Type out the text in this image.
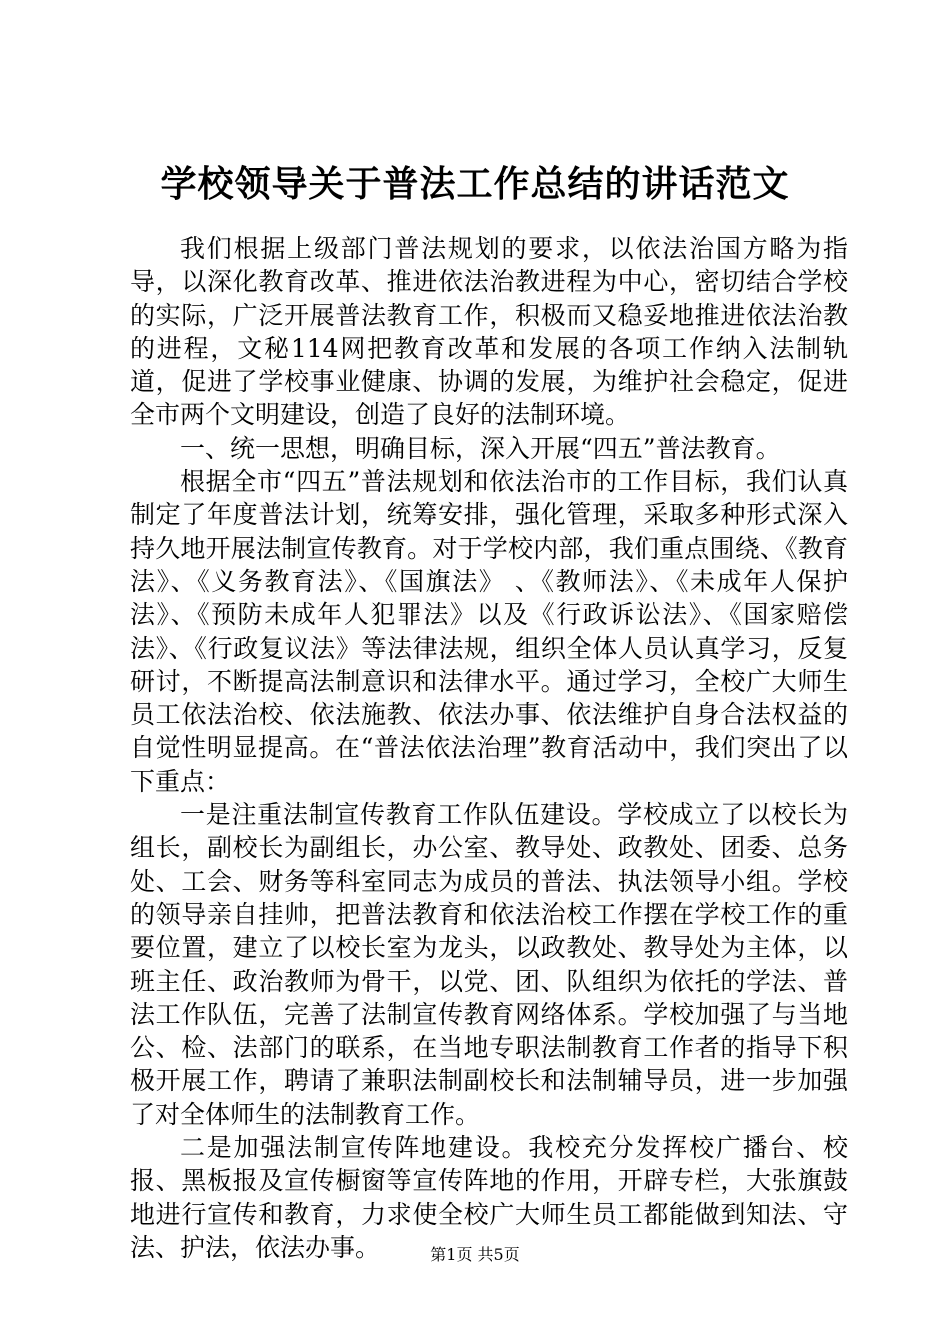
学校领导关于普法工作总结的讲话范文

我们根据上级部门普法规划的要求，以依法治国方略为指导，以深化教育改革、推进依法治教进程为中心，密切结合学校的实际，广泛开展普法教育工作，积极而又稳妥地推进依法治教的进程，文秘114网把教育改革和发展的各项工作纳入法制轨道，促进了学校事业健康、协调的发展，为维护社会稳定，促进全市两个文明建设，创造了良好的法制环境。

一、统一思想，明确目标，深入开展“四五”普法教育。

根据全市“四五”普法规划和依法治市的工作目标，我们认真制定了年度普法计划，统筹安排，强化管理，采取多种形式深入持久地开展法制宣传教育。对于学校内部，我们重点围绕、《教育法》、《义务教育法》、《国旗法》 、《教师法》、《未成年人保护法》、《预防未成年人犯罪法》以及《行政诉讼法》、《国家赔偿法》、《行政复议法》等法律法规，组织全体人员认真学习，反复研讨，不断提高法制意识和法律水平。通过学习，全校广大师生员工依法治校、依法施教、依法办事、依法维护自身合法权益的自觉性明显提高。在“普法依法治理”教育活动中，我们突出了以下重点：

一是注重法制宣传教育工作队伍建设。学校成立了以校长为组长，副校长为副组长，办公室、教导处、政教处、团委、总务处、工会、财务等科室同志为成员的普法、执法领导小组。学校的领导亲自挂帅，把普法教育和依法治校工作摆在学校工作的重要位置，建立了以校长室为龙头，以政教处、教导处为主体，以班主任、政治教师为骨干，以党、团、队组织为依托的学法、普法工作队伍，完善了法制宣传教育网络体系。学校加强了与当地公、检、法部门的联系，在当地专职法制教育工作者的指导下积极开展工作，聘请了兼职法制副校长和法制辅导员，进一步加强了对全体师生的法制教育工作。

二是加强法制宣传阵地建设。我校充分发挥校广播台、校报、黑板报及宣传橱窗等宣传阵地的作用，开辟专栏，大张旗鼓地进行宣传和教育，力求使全校广大师生员工都能做到知法、守法、护法，依法办事。	第1页 共5页
